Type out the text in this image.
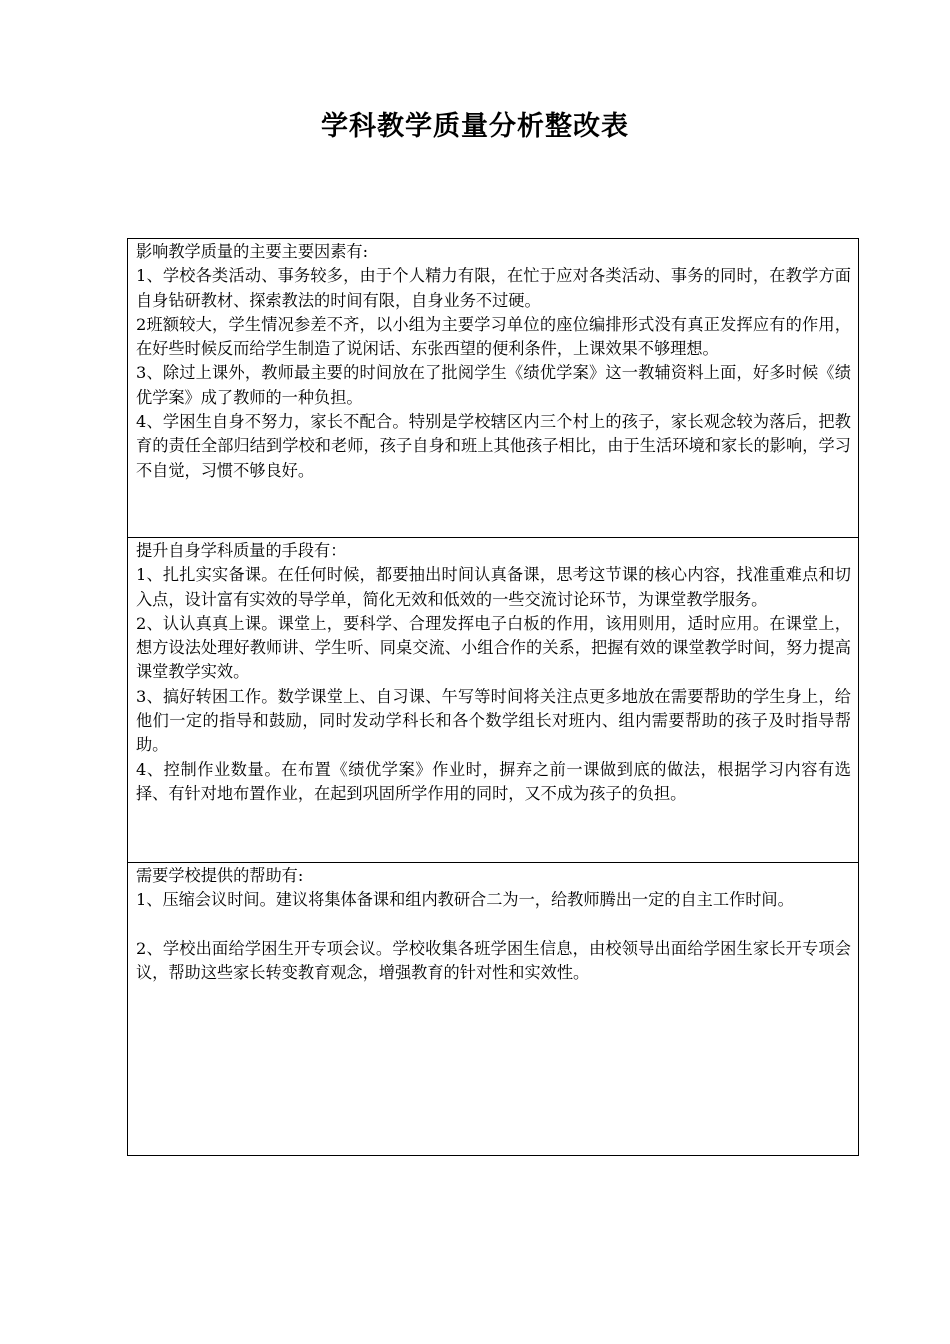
学科教学质量分析整改表

影响教学质量的主要主要因素有:

1、学校各类活动、事务较多，由于个人精力有限，在忙于应对各类活动、事务的同时，在教学方面自身钻研教材、探索教法的时间有限，自身业务不过硬。

2班额较大，学生情况参差不齐，以小组为主要学习单位的座位编排形式没有真正发挥应有的作用，在好些时候反而给学生制造了说闲话、东张西望的便利条件，上课效果不够理想。

3、除过上课外，教师最主要的时间放在了批阅学生《绩优学案》这一教辅资料上面，好多时候《绩优学案》成了教师的一种负担。

4、学困生自身不努力，家长不配合。特别是学校辖区内三个村上的孩子，家长观念较为落后，把教育的责任全部归结到学校和老师，孩子自身和班上其他孩子相比，由于生活环境和家长的影响，学习不自觉，习惯不够良好。

提升自身学科质量的手段有：

1、扎扎实实备课。在任何时候，都要抽出时间认真备课，思考这节课的核心内容，找准重难点和切入点，设计富有实效的导学单，简化无效和低效的一些交流讨论环节，为课堂教学服务。

2、认认真真上课。课堂上，要科学、合理发挥电子白板的作用，该用则用，适时应用。在课堂上，想方设法处理好教师讲、学生听、同桌交流、小组合作的关系，把握有效的课堂教学时间，努力提高课堂教学实效。

3、搞好转困工作。数学课堂上、自习课、午写等时间将关注点更多地放在需要帮助的学生身上，给他们一定的指导和鼓励，同时发动学科长和各个数学组长对班内、组内需要帮助的孩子及时指导帮助。

4、控制作业数量。在布置《绩优学案》作业时，摒弃之前一课做到底的做法，根据学习内容有选择、有针对地布置作业，在起到巩固所学作用的同时，又不成为孩子的负担。

需要学校提供的帮助有:

1、压缩会议时间。建议将集体备课和组内教研合二为一，给教师腾出一定的自主工作时间。

2、学校出面给学困生开专项会议。学校收集各班学困生信息，由校领导出面给学困生家长开专项会议，帮助这些家长转变教育观念，增强教育的针对性和实效性。
